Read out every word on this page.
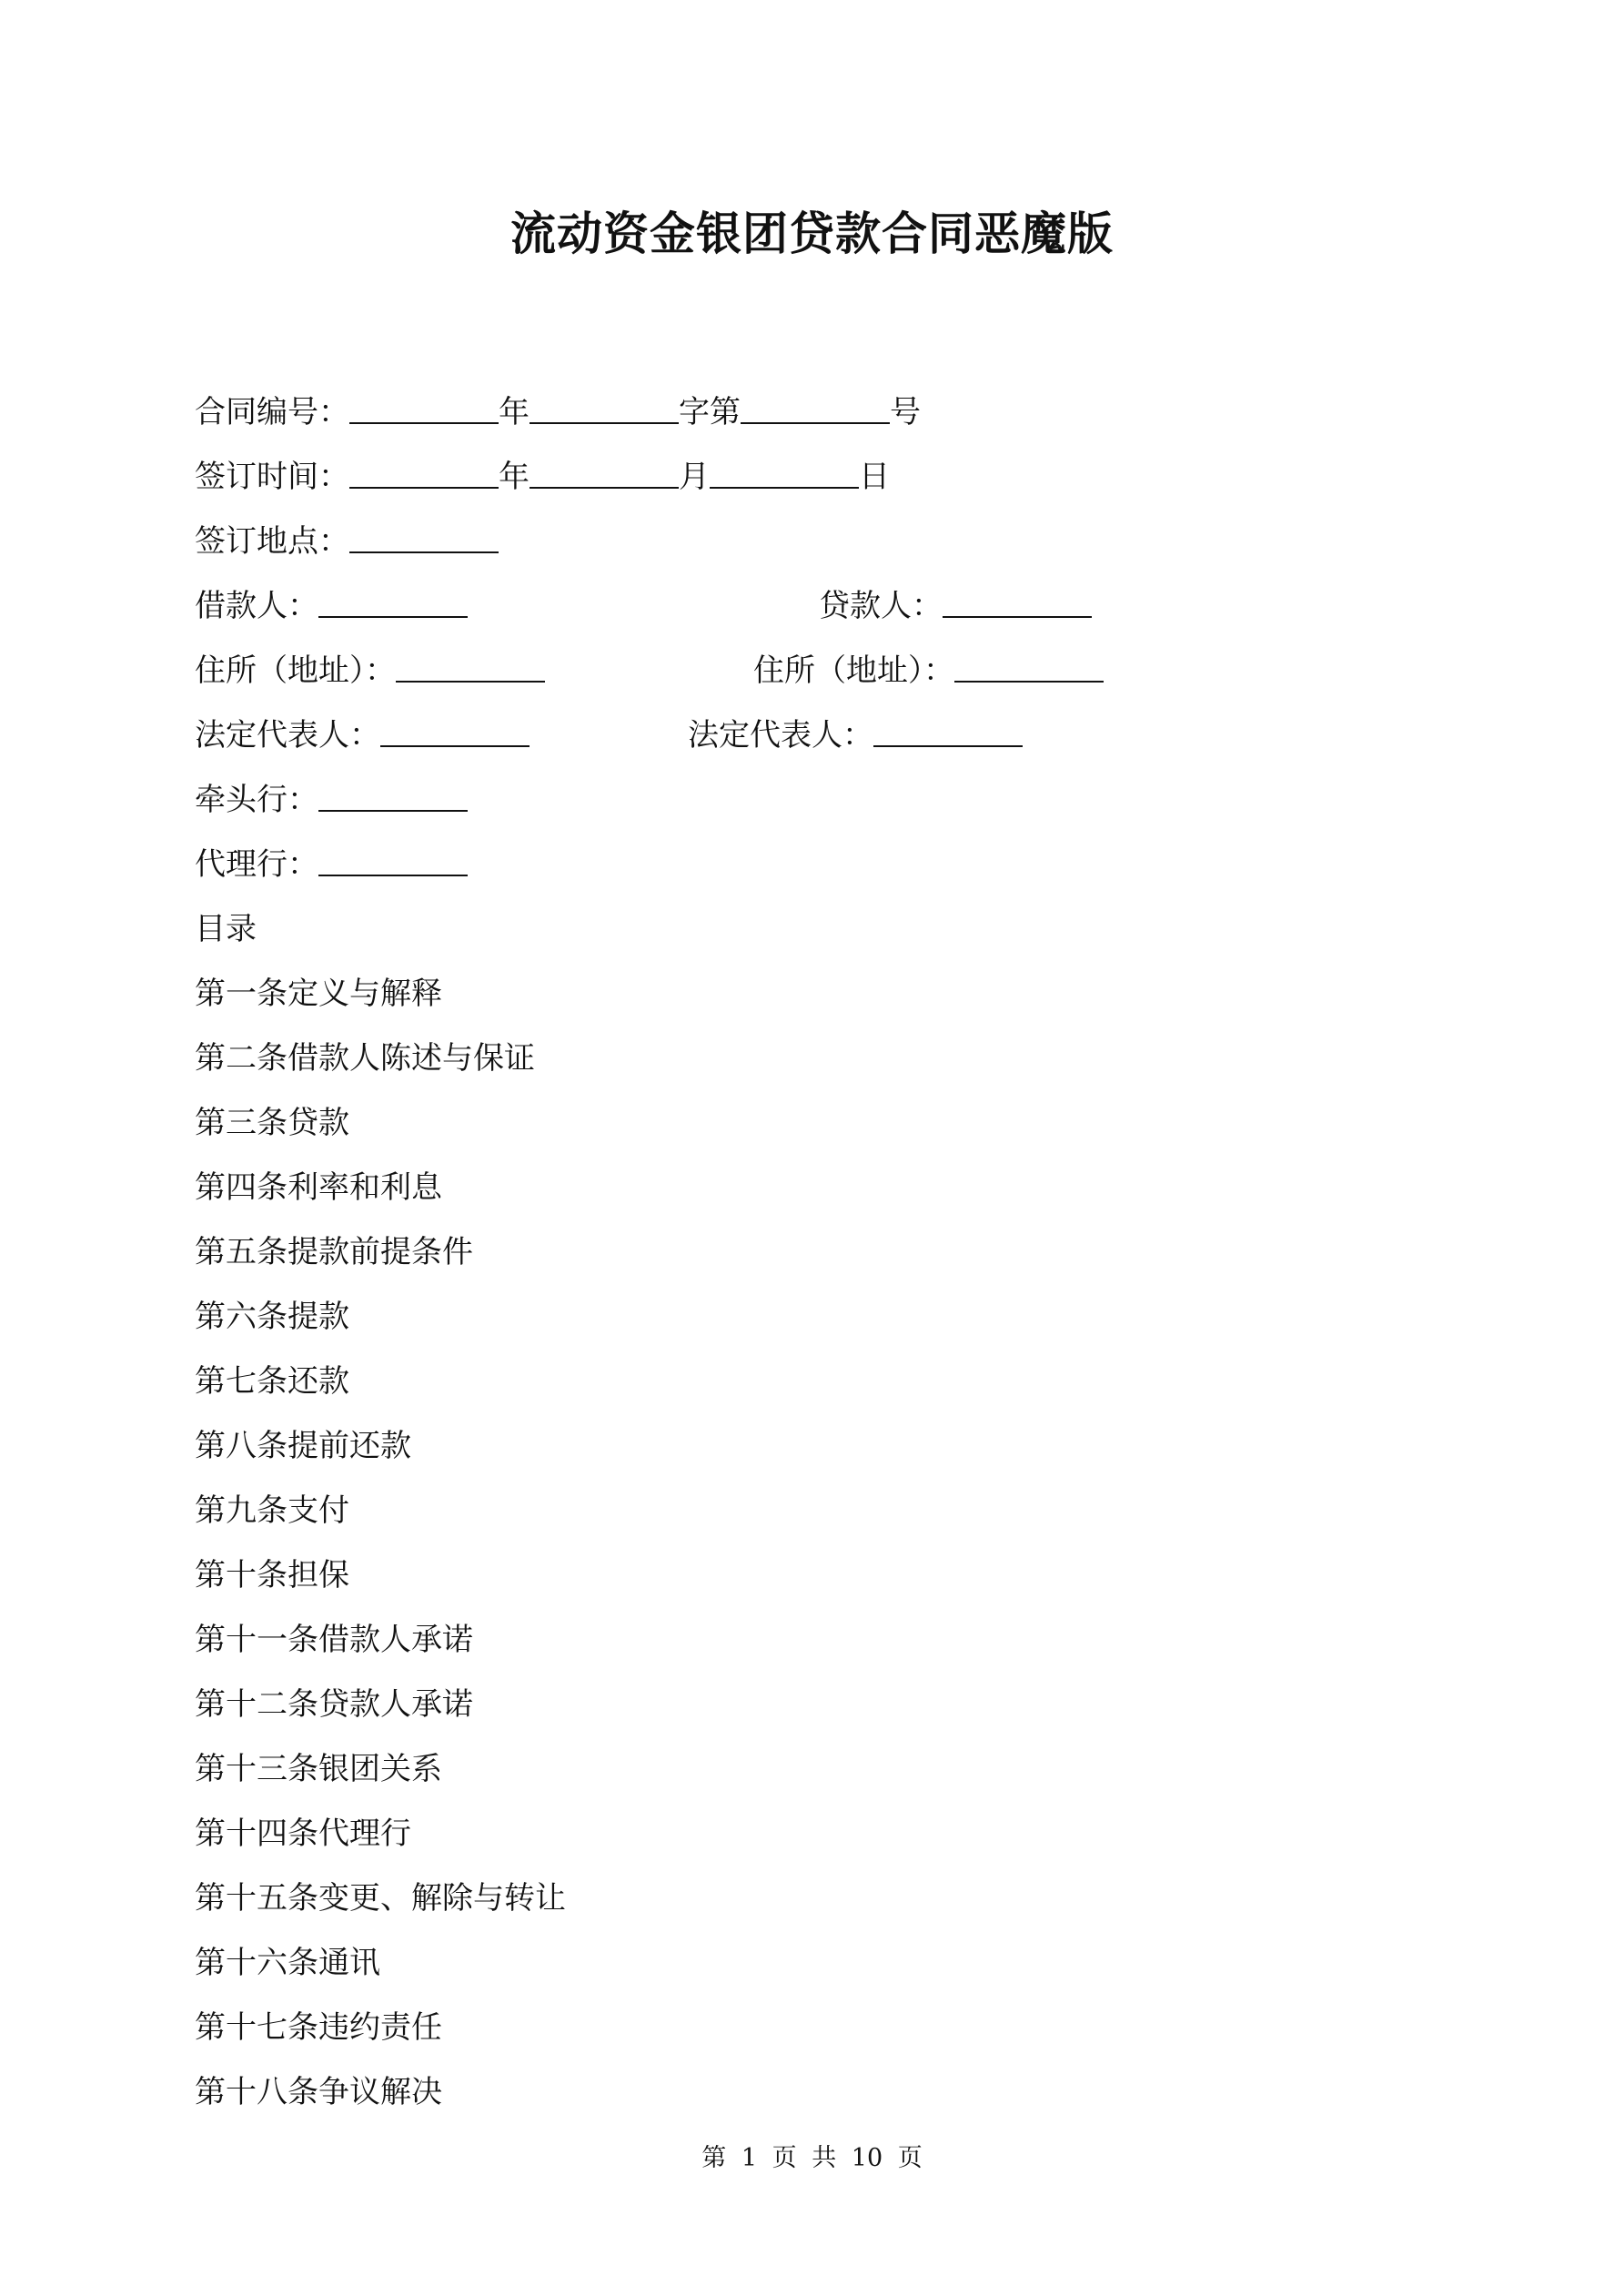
流动资金银团贷款合同恶魔版
合同编号：	年	字第	号
签订时间：	年	月	日
签订地点：
借款人：	贷款人：
住所（地址）：	住所（地址）：
法定代表人：	法定代表人：
牵头行：
代理行：
目录
第一条定义与解释
第二条借款人陈述与保证
第三条贷款
第四条利率和利息
第五条提款前提条件
第六条提款
第七条还款
第八条提前还款
第九条支付
第十条担保
第十一条借款人承诺
第十二条贷款人承诺
第十三条银团关系
第十四条代理行
第十五条变更、解除与转让
第十六条通讯
第十七条违约责任
第十八条争议解决
第 1 页 共 10 页
